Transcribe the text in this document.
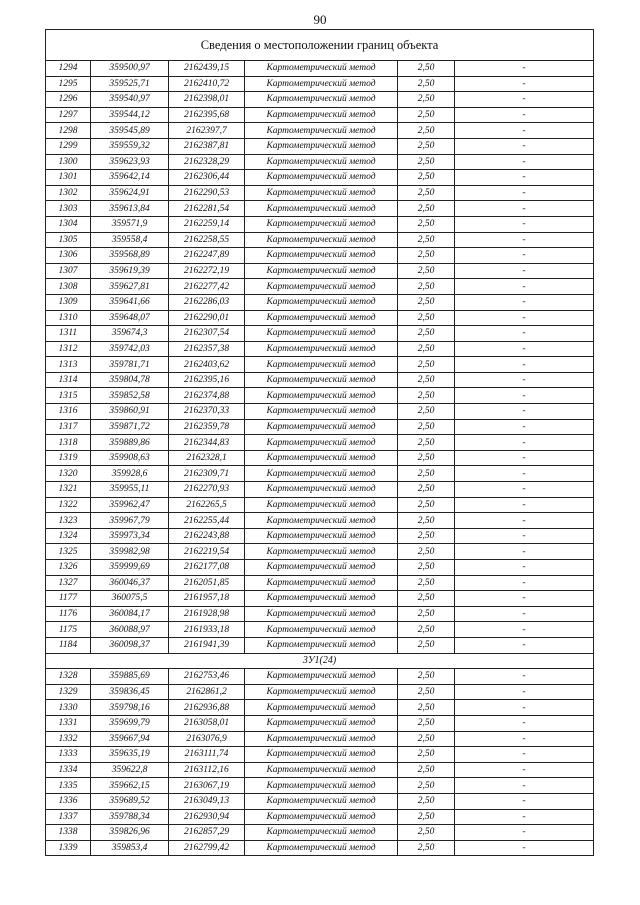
90
Сведения о местоположении границ объекта					
1294	359500,97	2162439,15	Картометрический метод	2,50	-
1295	359525,71	2162410,72	Картометрический метод	2,50	-
1296	359540,97	2162398,01	Картометрический метод	2,50	-
1297	359544,12	2162395,68	Картометрический метод	2,50	-
1298	359545,89	2162397,7	Картометрический метод	2,50	-
1299	359559,32	2162387,81	Картометрический метод	2,50	-
1300	359623,93	2162328,29	Картометрический метод	2,50	-
1301	359642,14	2162306,44	Картометрический метод	2,50	-
1302	359624,91	2162290,53	Картометрический метод	2,50	-
1303	359613,84	2162281,54	Картометрический метод	2,50	-
1304	359571,9	2162259,14	Картометрический метод	2,50	-
1305	359558,4	2162258,55	Картометрический метод	2,50	-
1306	359568,89	2162247,89	Картометрический метод	2,50	-
1307	359619,39	2162272,19	Картометрический метод	2,50	-
1308	359627,81	2162277,42	Картометрический метод	2,50	-
1309	359641,66	2162286,03	Картометрический метод	2,50	-
1310	359648,07	2162290,01	Картометрический метод	2,50	-
1311	359674,3	2162307,54	Картометрический метод	2,50	-
1312	359742,03	2162357,38	Картометрический метод	2,50	-
1313	359781,71	2162403,62	Картометрический метод	2,50	-
1314	359804,78	2162395,16	Картометрический метод	2,50	-
1315	359852,58	2162374,88	Картометрический метод	2,50	-
1316	359860,91	2162370,33	Картометрический метод	2,50	-
1317	359871,72	2162359,78	Картометрический метод	2,50	-
1318	359889,86	2162344,83	Картометрический метод	2,50	-
1319	359908,63	2162328,1	Картометрический метод	2,50	-
1320	359928,6	2162309,71	Картометрический метод	2,50	-
1321	359955,11	2162270,93	Картометрический метод	2,50	-
1322	359962,47	2162265,5	Картометрический метод	2,50	-
1323	359967,79	2162255,44	Картометрический метод	2,50	-
1324	359973,34	2162243,88	Картометрический метод	2,50	-
1325	359982,98	2162219,54	Картометрический метод	2,50	-
1326	359999,69	2162177,08	Картометрический метод	2,50	-
1327	360046,37	2162051,85	Картометрический метод	2,50	-
1177	360075,5	2161957,18	Картометрический метод	2,50	-
1176	360084,17	2161928,98	Картометрический метод	2,50	-
1175	360088,97	2161933,18	Картометрический метод	2,50	-
1184	360098,37	2161941,39	Картометрический метод	2,50	-
3У1(24)					
1328	359885,69	2162753,46	Картометрический метод	2,50	-
1329	359836,45	2162861,2	Картометрический метод	2,50	-
1330	359798,16	2162936,88	Картометрический метод	2,50	-
1331	359699,79	2163058,01	Картометрический метод	2,50	-
1332	359667,94	2163076,9	Картометрический метод	2,50	-
1333	359635,19	2163111,74	Картометрический метод	2,50	-
1334	359622,8	2163112,16	Картометрический метод	2,50	-
1335	359662,15	2163067,19	Картометрический метод	2,50	-
1336	359689,52	2163049,13	Картометрический метод	2,50	-
1337	359788,34	2162930,94	Картометрический метод	2,50	-
1338	359826,96	2162857,29	Картометрический метод	2,50	-
1339	359853,4	2162799,42	Картометрический метод	2,50	-
